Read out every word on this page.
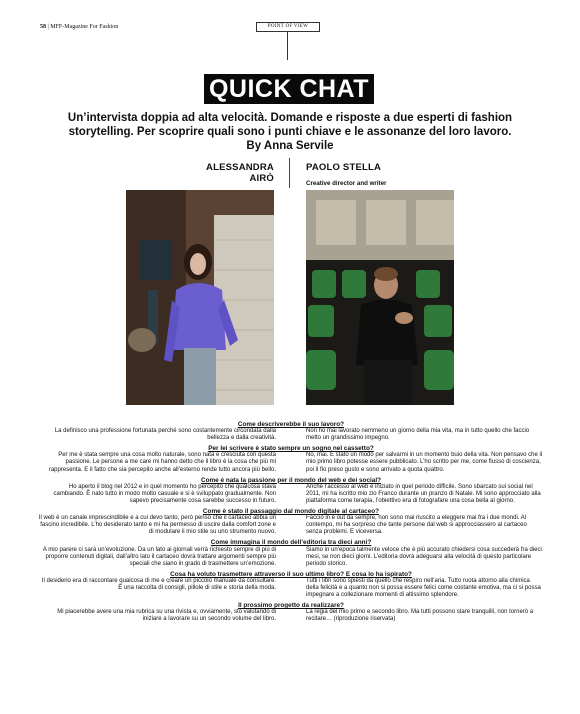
58 | MFF-Magazine For Fashion	POINT OF VIEW
QUICK CHAT
Un’intervista doppia ad alta velocità. Domande e risposte a due esperti di fashion storytelling. Per scoprire quali sono i punti chiave e le assonanze del loro lavoro. By Anna Servile
ALESSANDRA AIRÒ
PAOLO STELLA
Creative director and writer
Come descriverebbe il suo lavoro?
La definisco una professione fortunata perché sono costantemente circondata dalla bellezza e dalla creatività.
Non ho mai lavorato nemmeno un giorno della mia vita, ma in tutto quello che faccio metto un grandissimo impegno.
Per lei scrivere è stato sempre un sogno nel cassetto?
Per me è stata sempre una cosa molto naturale, sono nata e cresciuta con questa passione. Le persone a me care mi hanno detto che il libro è la cosa che più mi rappresenta. E il fatto che sia percepito anche all’esterno rende tutto ancora più bello.
No, mai. È stato un modo per salvarmi in un momento buio della vita. Non pensavo che il mio primo libro potesse essere pubblicato. L’ho scritto per me, come flusso di coscienza, poi il fio preso gusto e sono arrivato a quota quattro.
Come è nata la passione per il mondo del web e dei social?
Ho aperto il blog nel 2012 e in quel momento ho percepito che qualcosa stava cambiando. È nato tutto in modo molto casuale e si è sviluppato gradualmente. Non sapevo precisamente cosa sarebbe successo in futuro.
Anche l’accesso al web è iniziato in quel periodo difficile. Sono sbarcato sui social nel 2011, mi ha iscritto mio zio Franco durante un pranzo di Natale. Mi sono approcciato alla piattaforma come terapia, l’obiettivo era di fotografare una cosa bella al giorno.
Come è stato il passaggio dal mondo digitale al cartaceo?
Il web è un canale imprescindibile e a cui devo tanto, però penso che il cartaceo abbia un fascino incredibile. L’ho desiderato tanto e mi ha permesso di uscire dalla comfort zone e di modulare il mio stile su uno strumento nuovo.
Faccio in e out da sempre, non sono mai riuscito a eleggere mai fra i due mondi. Al contempo, mi ha sorpreso che tante persone dal web si approcciassero al cartaceo senza problemi. E viceversa.
Come immagina il mondo dell’editoria tra dieci anni?
A mio parere ci sarà un’evoluzione. Da un lato ai giornali verrà richiesto sempre di più di proporre contenuti digitali, dall’altro lato il cartaceo dovrà trattare argomenti sempre più speciali che siano in grado di trasmettere un’emozione.
Siamo in un’epoca talmente veloce che è più accurato chiedersi cosa succederà fra dieci mesi, se non dieci giorni. L’editoria dovrà adeguarsi alla velocità di questo particolare periodo storico.
Cosa ha voluto trasmettere attraverso il suo ultimo libro? E cosa lo ha ispirato?
Il desiderio era di raccontare qualcosa di me e creare un piccolo manuale da consultare. È una raccolta di consigli, pillole di stile e storia della moda.
Tutti i libri sono spiesti da quello che respiro nell’aria. Tutto ruota attorno alla chimica della felicità e a quanto non si possa essere felici come costante emotiva, ma ci si possa impegnare a collezionare momenti di altissimo splendore.
Il prossimo progetto da realizzare?
Mi piacerebbe avere una mia rubrica su una rivista e, ovviamente, sto valutando di iniziare a lavorare su un secondo volume del libro.
La regia del mio primo e secondo libro. Ma tutti possono stare tranquilli, non tornerò a recitare… (riproduzione riservata)
